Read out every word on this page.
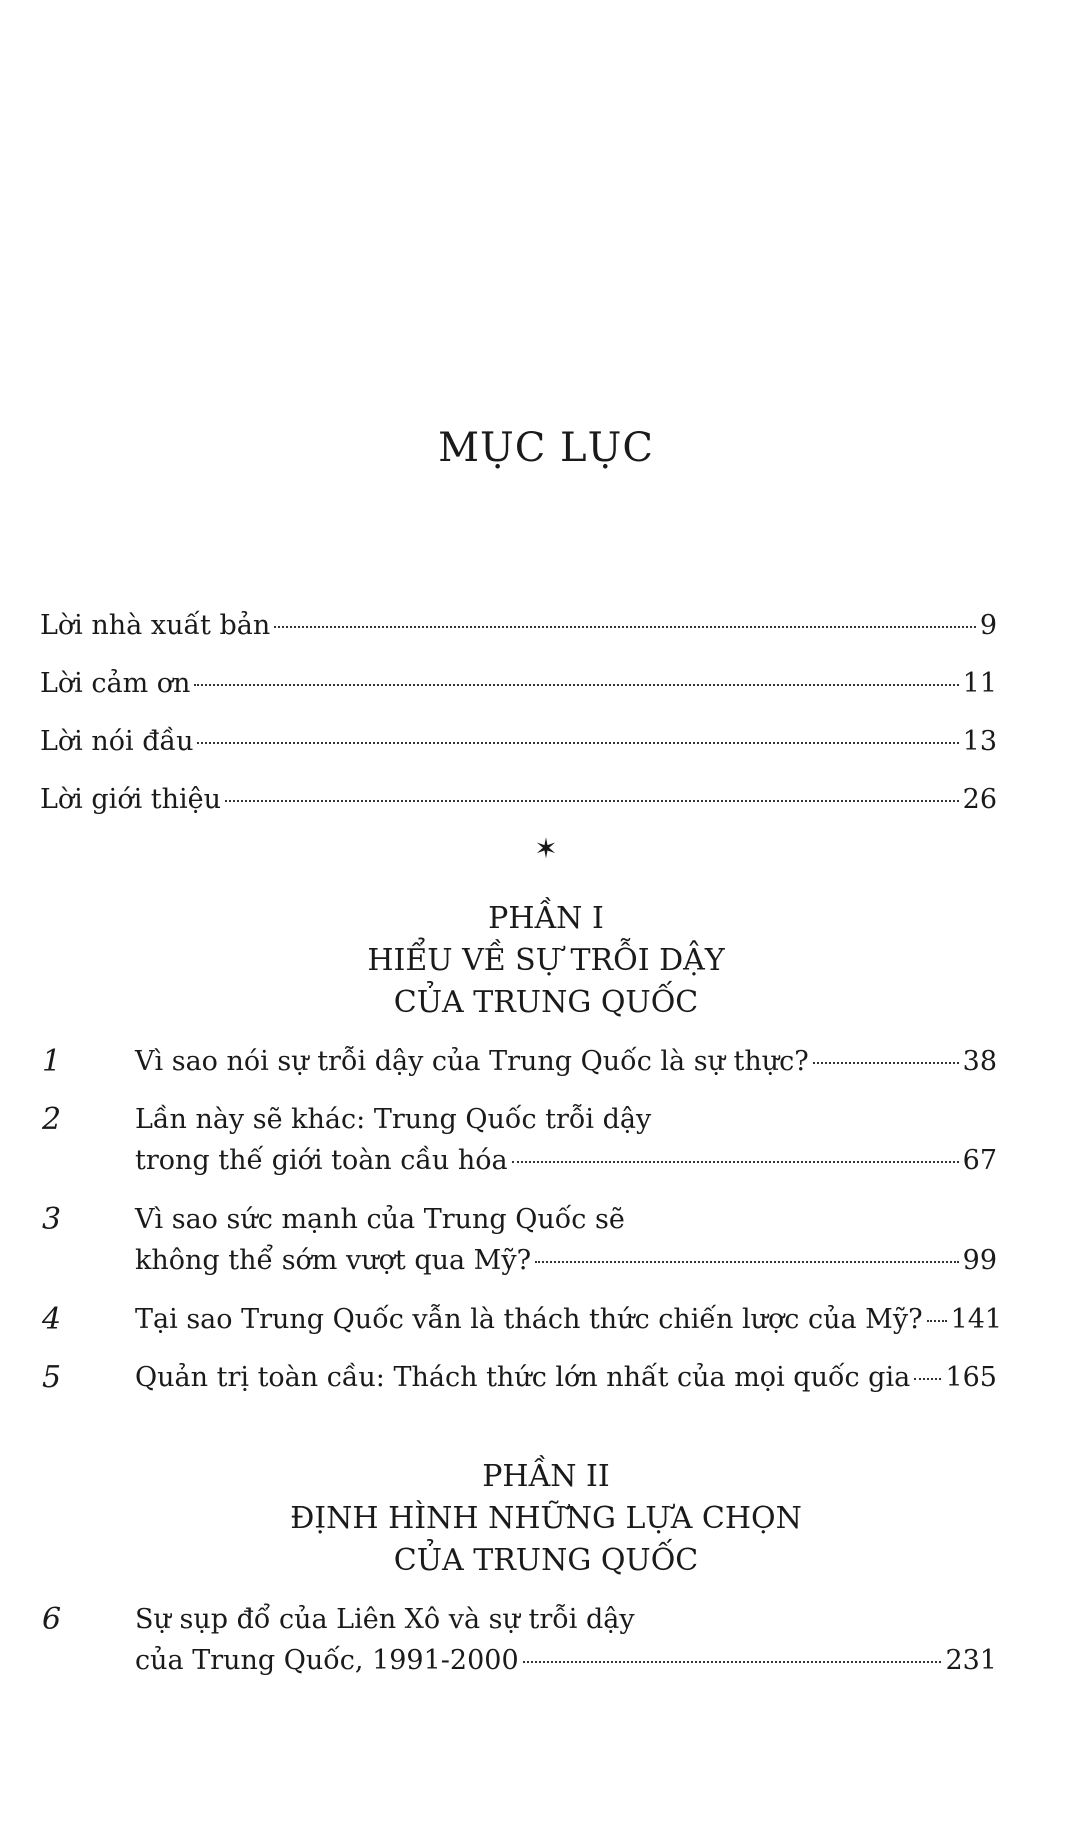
MỤC LỤC
Lời nhà xuất bản	9
Lời cảm ơn	11
Lời nói đầu	13
Lời giới thiệu	26
✶
PHẦN I
HIỂU VỀ SỰ TRỖI DẬY
CỦA TRUNG QUỐC
1	Vì sao nói sự trỗi dậy của Trung Quốc là sự thực?	38
2	Lần này sẽ khác: Trung Quốc trỗi dậy
trong thế giới toàn cầu hóa	67
3	Vì sao sức mạnh của Trung Quốc sẽ
không thể sớm vượt qua Mỹ?	99
4	Tại sao Trung Quốc vẫn là thách thức chiến lược của Mỹ? 141
5	Quản trị toàn cầu: Thách thức lớn nhất của mọi quốc gia 165
PHẦN II
ĐỊNH HÌNH NHỮNG LỰA CHỌN
CỦA TRUNG QUỐC
6	Sự sụp đổ của Liên Xô và sự trỗi dậy
của Trung Quốc, 1991-2000	231
